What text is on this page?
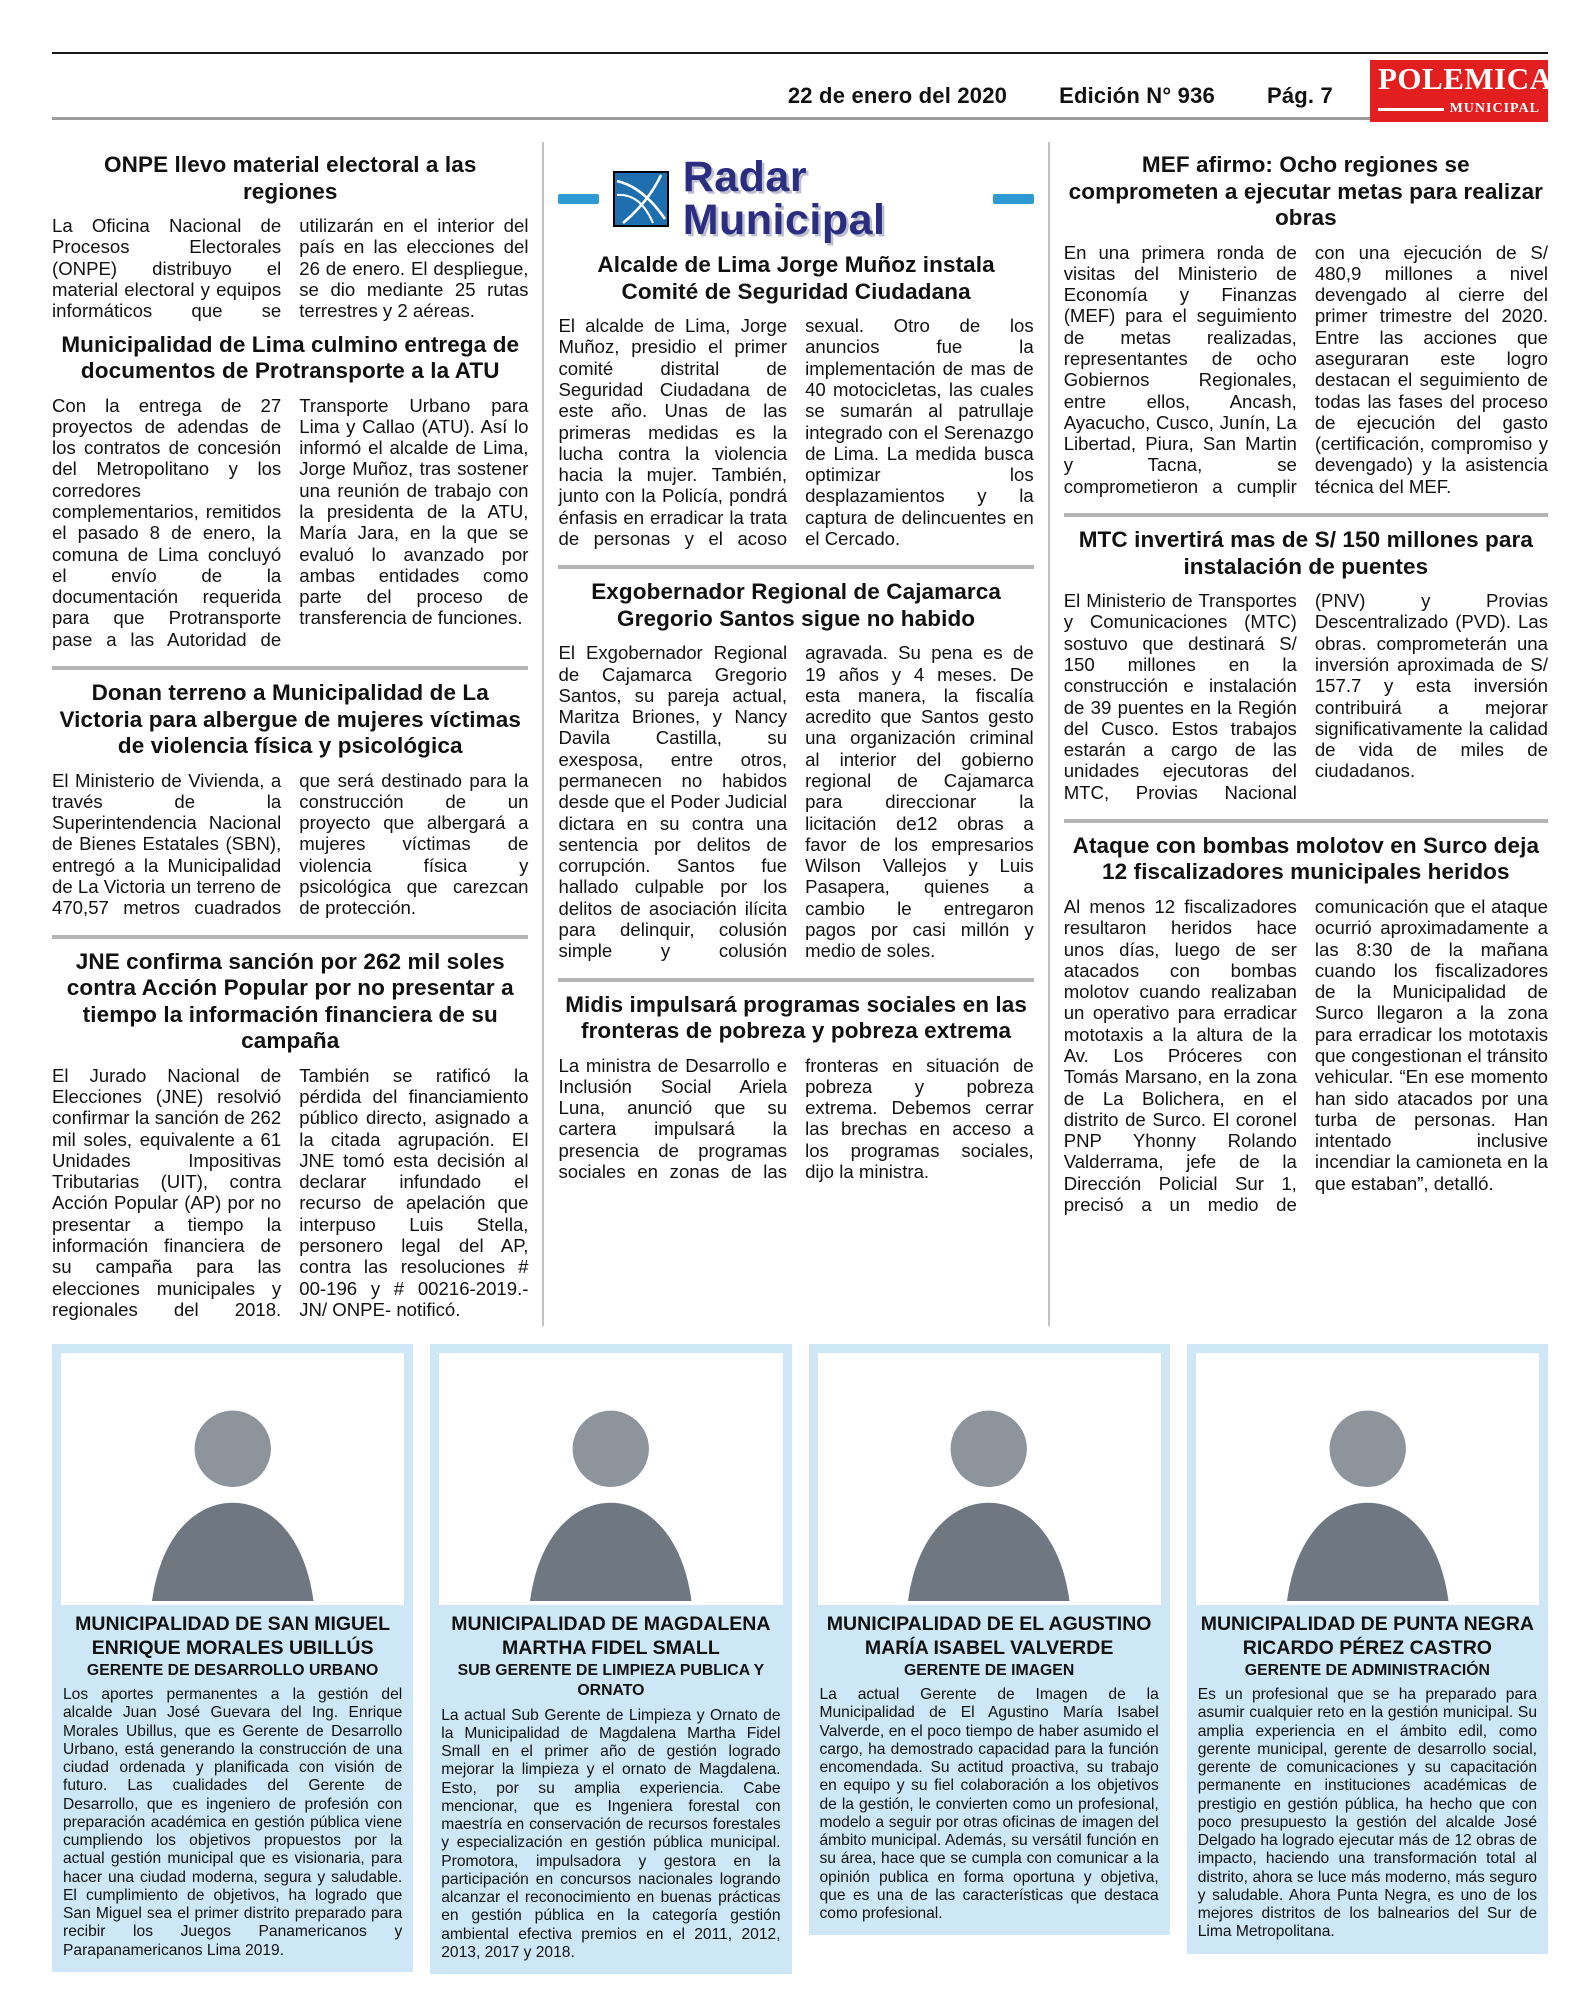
22 de enero del 2020 Edición N° 936 Pág. 7 POLEMICA
MUNICIPAL
ONPE llevo material electoral a las regiones
La Oficina Nacional de Procesos Electorales (ONPE) distribuyo el material electoral y equipos informáticos que se utilizarán en el interior del país en las elecciones del 26 de enero. El despliegue, se dio mediante 25 rutas terrestres y 2 aéreas.
Municipalidad de Lima culmino entrega de documentos de Protransporte a la ATU
Con la entrega de 27 proyectos de adendas de los contratos de concesión del Metropolitano y los corredores complementarios, remitidos el pasado 8 de enero, la comuna de Lima concluyó el envío de la documentación requerida para que Protransporte pase a las Autoridad de Transporte Urbano para Lima y Callao (ATU). Así lo informó el alcalde de Lima, Jorge Muñoz, tras sostener una reunión de trabajo con la presidenta de la ATU, María Jara, en la que se evaluó lo avanzado por ambas entidades como parte del proceso de transferencia de funciones.
Donan terreno a Municipalidad de La Victoria para albergue de mujeres víctimas de violencia física y psicológica
El Ministerio de Vivienda, a través de la Superintendencia Nacional de Bienes Estatales (SBN), entregó a la Municipalidad de La Victoria un terreno de 470,57 metros cuadrados que será destinado para la construcción de un proyecto que albergará a mujeres víctimas de violencia física y psicológica que carezcan de protección.
JNE confirma sanción por 262 mil soles contra Acción Popular por no presentar a tiempo la información financiera de su campaña
El Jurado Nacional de Elecciones (JNE) resolvió confirmar la sanción de 262 mil soles, equivalente a 61 Unidades Impositivas Tributarias (UIT), contra Acción Popular (AP) por no presentar a tiempo la información financiera de su campaña para las elecciones municipales y regionales del 2018. También se ratificó la pérdida del financiamiento público directo, asignado a la citada agrupación. El JNE tomó esta decisión al declarar infundado el recurso de apelación que interpuso Luis Stella, personero legal del AP, contra las resoluciones # 00-196 y # 00216-2019.-JN/ ONPE- notificó.
Radar Municipal
Alcalde de Lima Jorge Muñoz instala Comité de Seguridad Ciudadana
El alcalde de Lima, Jorge Muñoz, presidio el primer comité distrital de Seguridad Ciudadana de este año. Unas de las primeras medidas es la lucha contra la violencia hacia la mujer. También, junto con la Policía, pondrá énfasis en erradicar la trata de personas y el acoso sexual. Otro de los anuncios fue la implementación de mas de 40 motocicletas, las cuales se sumarán al patrullaje integrado con el Serenazgo de Lima. La medida busca optimizar los desplazamientos y la captura de delincuentes en el Cercado.
Exgobernador Regional de Cajamarca Gregorio Santos sigue no habido
El Exgobernador Regional de Cajamarca Gregorio Santos, su pareja actual, Maritza Briones, y Nancy Davila Castilla, su exesposa, entre otros, permanecen no habidos desde que el Poder Judicial dictara en su contra una sentencia por delitos de corrupción. Santos fue hallado culpable por los delitos de asociación ilícita para delinquir, colusión simple y colusión agravada. Su pena es de 19 años y 4 meses. De esta manera, la fiscalía acredito que Santos gesto una organización criminal al interior del gobierno regional de Cajamarca para direccionar la licitación de12 obras a favor de los empresarios Wilson Vallejos y Luis Pasapera, quienes a cambio le entregaron pagos por casi millón y medio de soles.
Midis impulsará programas sociales en las fronteras de pobreza y pobreza extrema
La ministra de Desarrollo e Inclusión Social Ariela Luna, anunció que su cartera impulsará la presencia de programas sociales en zonas de las fronteras en situación de pobreza y pobreza extrema. Debemos cerrar las brechas en acceso a los programas sociales, dijo la ministra.
MEF afirmo: Ocho regiones se comprometen a ejecutar metas para realizar obras
En una primera ronda de visitas del Ministerio de Economía y Finanzas (MEF) para el seguimiento de metas realizadas, representantes de ocho Gobiernos Regionales, entre ellos, Ancash, Ayacucho, Cusco, Junín, La Libertad, Piura, San Martin y Tacna, se comprometieron a cumplir con una ejecución de S/ 480,9 millones a nivel devengado al cierre del primer trimestre del 2020. Entre las acciones que aseguraran este logro destacan el seguimiento de todas las fases del proceso de ejecución del gasto (certificación, compromiso y devengado) y la asistencia técnica del MEF.
MTC invertirá mas de S/ 150 millones para instalación de puentes
El Ministerio de Transportes y Comunicaciones (MTC) sostuvo que destinará S/ 150 millones en la construcción e instalación de 39 puentes en la Región del Cusco. Estos trabajos estarán a cargo de las unidades ejecutoras del MTC, Provias Nacional (PNV) y Provias Descentralizado (PVD). Las obras. comprometerán una inversión aproximada de S/ 157.7 y esta inversión contribuirá a mejorar significativamente la calidad de vida de miles de ciudadanos.
Ataque con bombas molotov en Surco deja 12 fiscalizadores municipales heridos
Al menos 12 fiscalizadores resultaron heridos hace unos días, luego de ser atacados con bombas molotov cuando realizaban un operativo para erradicar mototaxis a la altura de la Av. Los Próceres con Tomás Marsano, en la zona de La Bolichera, en el distrito de Surco. El coronel PNP Yhonny Rolando Valderrama, jefe de la Dirección Policial Sur 1, precisó a un medio de comunicación que el ataque ocurrió aproximadamente a las 8:30 de la mañana cuando los fiscalizadores de la Municipalidad de Surco llegaron a la zona para erradicar los mototaxis que congestionan el tránsito vehicular. “En ese momento han sido atacados por una turba de personas. Han intentado inclusive incendiar la camioneta en la que estaban”, detalló.
MUNICIPALIDAD DE SAN MIGUEL
ENRIQUE MORALES UBILLÚS
GERENTE DE DESARROLLO URBANO
Los aportes permanentes a la gestión del alcalde Juan José Guevara del Ing. Enrique Morales Ubillus, que es Gerente de Desarrollo Urbano, está generando la construcción de una ciudad ordenada y planificada con visión de futuro. Las cualidades del Gerente de Desarrollo, que es ingeniero de profesión con preparación académica en gestión pública viene cumpliendo los objetivos propuestos por la actual gestión municipal que es visionaria, para hacer una ciudad moderna, segura y saludable. El cumplimiento de objetivos, ha logrado que San Miguel sea el primer distrito preparado para recibir los Juegos Panamericanos y Parapanamericanos Lima 2019.
MUNICIPALIDAD DE MAGDALENA
MARTHA FIDEL SMALL
SUB GERENTE DE LIMPIEZA PUBLICA Y ORNATO
La actual Sub Gerente de Limpieza y Ornato de la Municipalidad de Magdalena Martha Fidel Small en el primer año de gestión logrado mejorar la limpieza y el ornato de Magdalena. Esto, por su amplia experiencia. Cabe mencionar, que es Ingeniera forestal con maestría en conservación de recursos forestales y especialización en gestión pública municipal. Promotora, impulsadora y gestora en la participación en concursos nacionales logrando alcanzar el reconocimiento en buenas prácticas en gestión pública en la categoría gestión ambiental efectiva premios en el 2011, 2012, 2013, 2017 y 2018.
MUNICIPALIDAD DE EL AGUSTINO
MARÍA ISABEL VALVERDE
GERENTE DE IMAGEN
La actual Gerente de Imagen de la Municipalidad de El Agustino María Isabel Valverde, en el poco tiempo de haber asumido el cargo, ha demostrado capacidad para la función encomendada. Su actitud proactiva, su trabajo en equipo y su fiel colaboración a los objetivos de la gestión, le convierten como un profesional, modelo a seguir por otras oficinas de imagen del ámbito municipal. Además, su versátil función en su área, hace que se cumpla con comunicar a la opinión publica en forma oportuna y objetiva, que es una de las características que destaca como profesional.
MUNICIPALIDAD DE PUNTA NEGRA
RICARDO PÉREZ CASTRO
GERENTE DE ADMINISTRACIÓN
Es un profesional que se ha preparado para asumir cualquier reto en la gestión municipal. Su amplia experiencia en el ámbito edil, como gerente municipal, gerente de desarrollo social, gerente de comunicaciones y su capacitación permanente en instituciones académicas de prestigio en gestión pública, ha hecho que con poco presupuesto la gestión del alcalde José Delgado ha logrado ejecutar más de 12 obras de impacto, haciendo una transformación total al distrito, ahora se luce más moderno, más seguro y saludable. Ahora Punta Negra, es uno de los mejores distritos de los balnearios del Sur de Lima Metropolitana.
